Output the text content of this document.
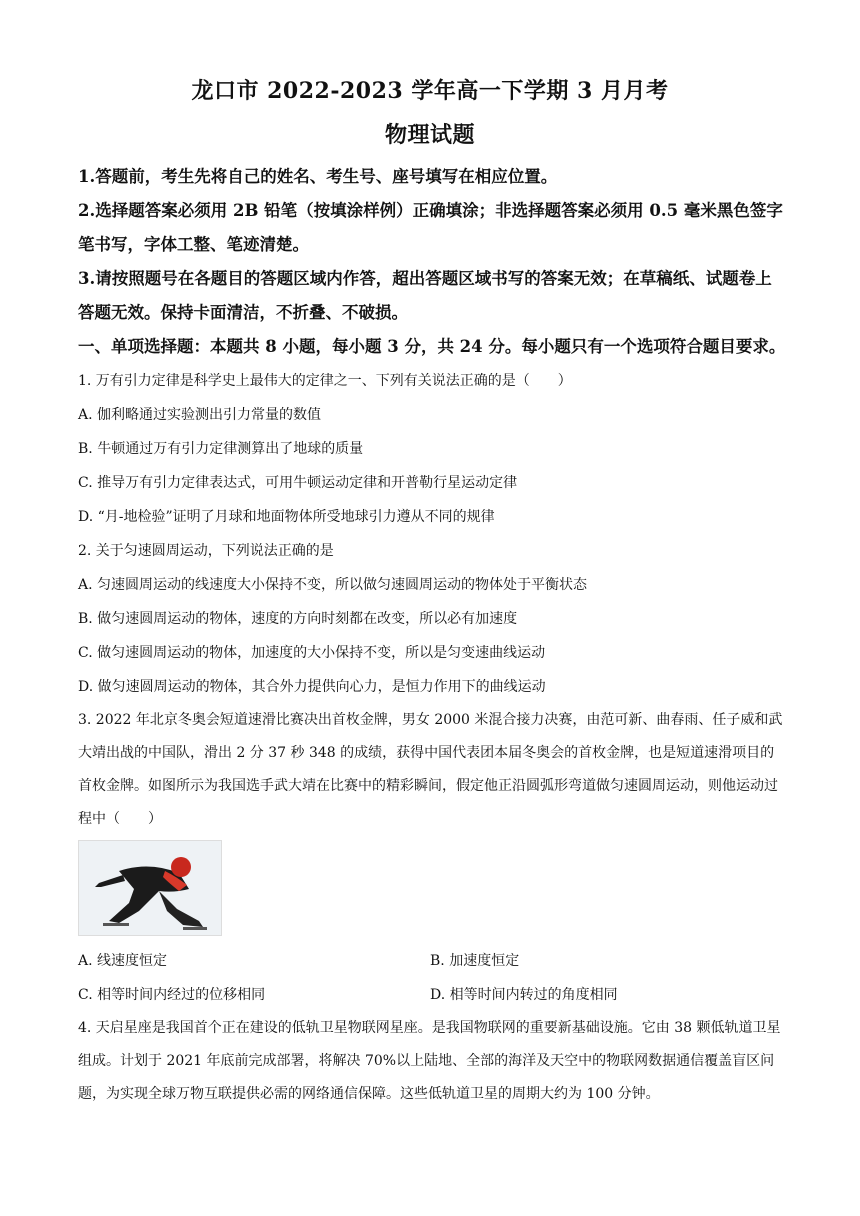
龙口市 2022-2023 学年高一下学期 3 月月考
物理试题

1.答题前，考生先将自己的姓名、考生号、座号填写在相应位置。

2.选择题答案必须用 2B 铅笔（按填涂样例）正确填涂；非选择题答案必须用 0.5 毫米黑色签字笔书写，字体工整、笔迹清楚。

3.请按照题号在各题目的答题区域内作答，超出答题区域书写的答案无效；在草稿纸、试题卷上答题无效。保持卡面清洁，不折叠、不破损。

一、单项选择题：本题共 8 小题，每小题 3 分，共 24 分。每小题只有一个选项符合题目要求。

1. 万有引力定律是科学史上最伟大的定律之一、下列有关说法正确的是（　　）

A. 伽利略通过实验测出引力常量的数值

B. 牛顿通过万有引力定律测算出了地球的质量

C. 推导万有引力定律表达式，可用牛顿运动定律和开普勒行星运动定律

D. “月-地检验”证明了月球和地面物体所受地球引力遵从不同的规律

2. 关于匀速圆周运动，下列说法正确的是

A. 匀速圆周运动的线速度大小保持不变，所以做匀速圆周运动的物体处于平衡状态

B. 做匀速圆周运动的物体，速度的方向时刻都在改变，所以必有加速度

C. 做匀速圆周运动的物体，加速度的大小保持不变，所以是匀变速曲线运动

D. 做匀速圆周运动的物体，其合外力提供向心力，是恒力作用下的曲线运动

3. 2022 年北京冬奥会短道速滑比赛决出首枚金牌，男女 2000 米混合接力决赛，由范可新、曲春雨、任子威和武大靖出战的中国队，滑出 2 分 37 秒 348 的成绩，获得中国代表团本届冬奥会的首枚金牌，也是短道速滑项目的首枚金牌。如图所示为我国选手武大靖在比赛中的精彩瞬间，假定他正沿圆弧形弯道做匀速圆周运动，则他运动过程中（　　）

A. 线速度恒定	B. 加速度恒定
C. 相等时间内经过的位移相同	D. 相等时间内转过的角度相同

4. 天启星座是我国首个正在建设的低轨卫星物联网星座。是我国物联网的重要新基础设施。它由 38 颗低轨道卫星组成。计划于 2021 年底前完成部署，将解决 70%以上陆地、全部的海洋及天空中的物联网数据通信覆盖盲区问题，为实现全球万物互联提供必需的网络通信保障。这些低轨道卫星的周期大约为 100 分钟。
